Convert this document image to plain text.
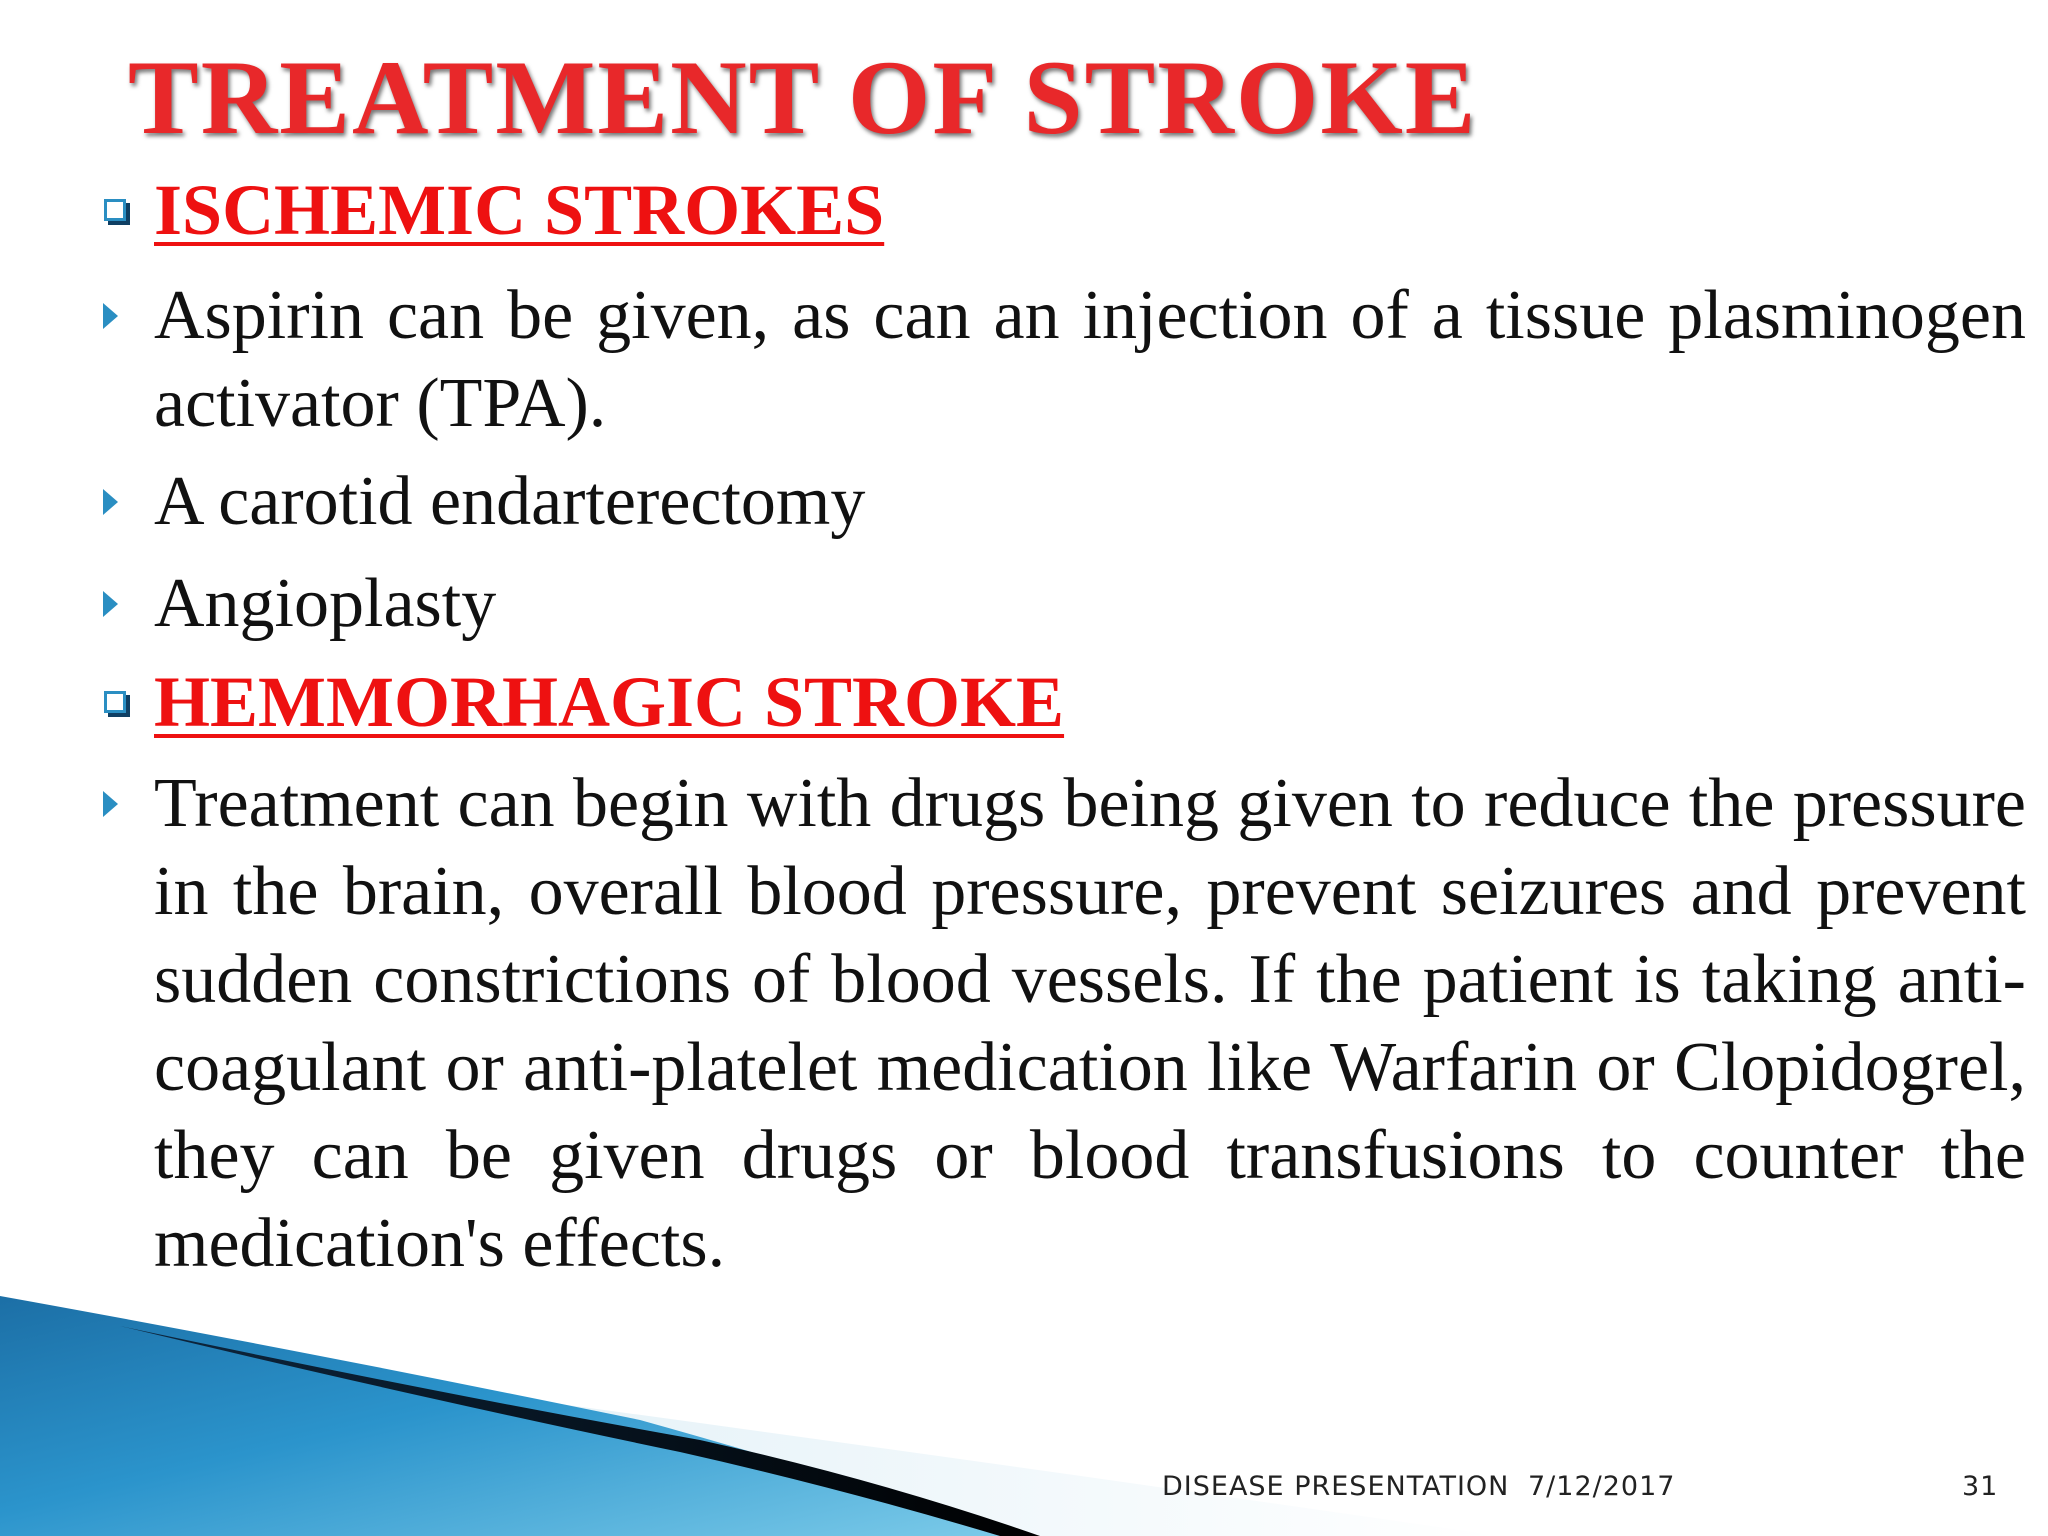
TREATMENT OF STROKE
ISCHEMIC STROKES
Aspirin can be given, as can an injection of a tissue plasminogen activator (TPA).
A carotid endarterectomy
Angioplasty
HEMMORHAGIC STROKE
Treatment can begin with drugs being given to reduce the pressure in the brain, overall blood pressure, prevent seizures and prevent sudden constrictions of blood vessels. If the patient is taking anti-coagulant or anti-platelet medication like Warfarin or Clopidogrel, they can be given drugs or blood transfusions to counter the medication's effects.
DISEASE PRESENTATION 7/12/2017	31
